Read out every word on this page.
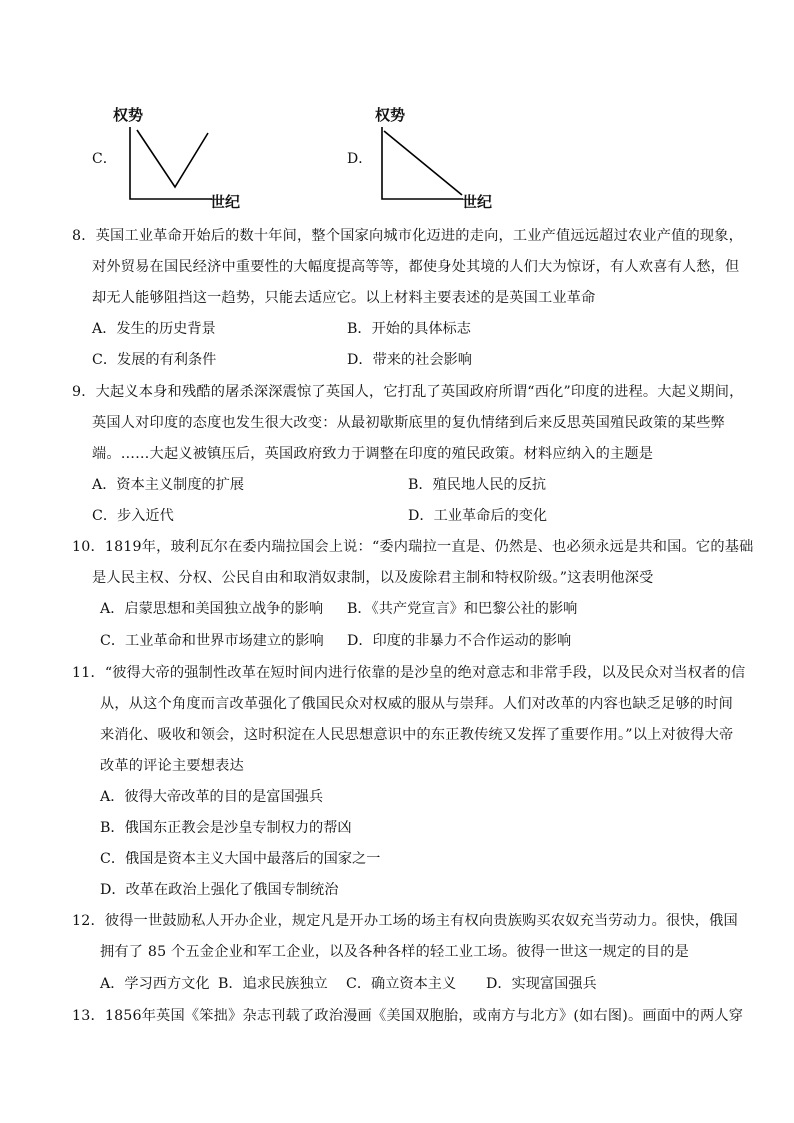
C．
权势
世纪
D．
权势
世纪
8．英国工业革命开始后的数十年间，整个国家向城市化迈进的走向，工业产值远远超过农业产值的现象，
对外贸易在国民经济中重要性的大幅度提高等等，都使身处其境的人们大为惊讶，有人欢喜有人愁，但
却无人能够阻挡这一趋势，只能去适应它。以上材料主要表述的是英国工业革命
A．发生的历史背景	B．开始的具体标志
C．发展的有利条件	D．带来的社会影响
9．大起义本身和残酷的屠杀深深震惊了英国人，它打乱了英国政府所谓“西化”印度的进程。大起义期间，
英国人对印度的态度也发生很大改变：从最初歇斯底里的复仇情绪到后来反思英国殖民政策的某些弊
端。……大起义被镇压后，英国政府致力于调整在印度的殖民政策。材料应纳入的主题是
A．资本主义制度的扩展	B．殖民地人民的反抗
C．步入近代	D．工业革命后的变化
10．1819年，玻利瓦尔在委内瑞拉国会上说：“委内瑞拉一直是、仍然是、也必须永远是共和国。它的基础
是人民主权、分权、公民自由和取消奴隶制，以及废除君主制和特权阶级。”这表明他深受
A．启蒙思想和美国独立战争的影响 B．《共产党宣言》和巴黎公社的影响
C．工业革命和世界市场建立的影响 D．印度的非暴力不合作运动的影响
11．“彼得大帝的强制性改革在短时间内进行依靠的是沙皇的绝对意志和非常手段，以及民众对当权者的信
从，从这个角度而言改革强化了俄国民众对权威的服从与崇拜。人们对改革的内容也缺乏足够的时间
来消化、吸收和领会，这时积淀在人民思想意识中的东正教传统又发挥了重要作用。”以上对彼得大帝
改革的评论主要想表达
A．彼得大帝改革的目的是富国强兵
B．俄国东正教会是沙皇专制权力的帮凶
C．俄国是资本主义大国中最落后的国家之一
D．改革在政治上强化了俄国专制统治
12．彼得一世鼓励私人开办企业，规定凡是开办工场的场主有权向贵族购买农奴充当劳动力。很快，俄国
拥有了 85 个五金企业和军工企业，以及各种各样的轻工业工场。彼得一世这一规定的目的是
A．学习西方文化 B．追求民族独立 C．确立资本主义 D．实现富国强兵
13．1856年英国《笨拙》杂志刊载了政治漫画《美国双胞胎，或南方与北方》(如右图)。画面中的两人穿
